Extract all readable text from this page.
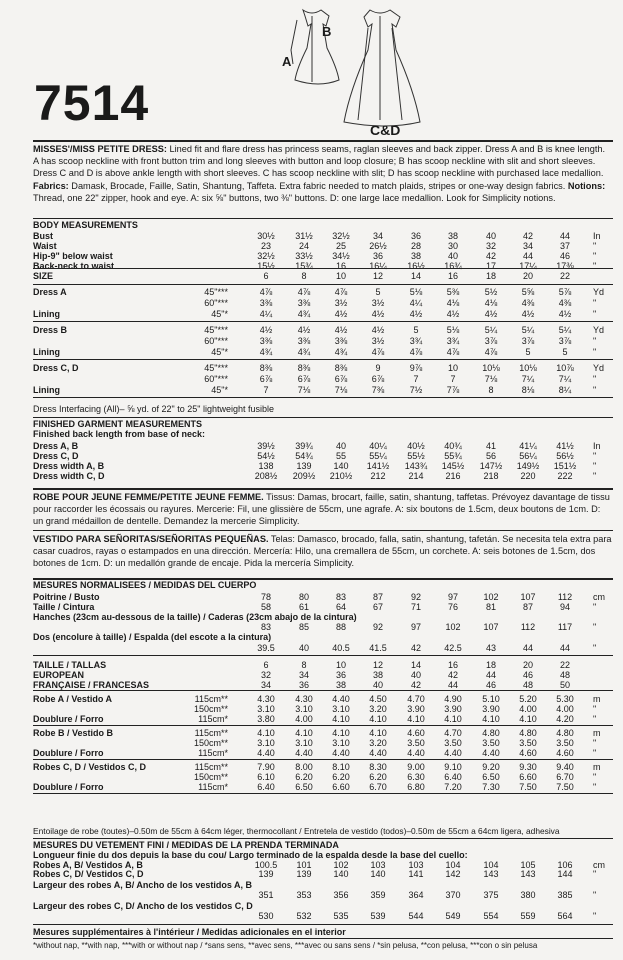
A
B
C&D
7514
MISSES'/MISS PETITE DRESS: Lined fit and flare dress has princess seams, raglan sleeves and back zipper. Dress A and B is knee length. A has scoop neckline with front button trim and long sleeves with button and loop closure; B has scoop neckline with slit and short sleeves. Dress C and D is above ankle length with short sleeves. C has scoop neckline with slit; D has scoop neckline with purchased lace medallion. Fabrics: Damask, Brocade, Faille, Satin, Shantung, Taffeta. Extra fabric needed to match plaids, stripes or one-way design fabrics. Notions: Thread, one 22" zipper, hook and eye. A: six ⅝" buttons, two ⅜" buttons. D: one large lace medallion. Look for Simplicity notions.
BODY MEASUREMENTS
Bust	30½	31½	32½	34	36	38	40	42	44	In
Waist	23	24	25	26½	28	30	32	34	37	"
Hip-9" below waist	32½	33½	34½	36	38	40	42	44	46	"
Back-neck to waist	15½	15¾	16	16¼	16½	16¾	17	17¼	17⅜	"
SIZE	6	8	10	12	14	16	18	20	22
Dress A	45"***	4⅞	4⅞	4⅞	5	5⅛	5⅜	5½	5⅝	5⅞	Yd
60"***	3⅜	3⅜	3½	3½	4¼	4⅛	4⅛	4⅜	4⅜	"
Lining	45"*	4¼	4¾	4½	4½	4½	4½	4½	4½	4½	"
Dress B	45"***	4½	4½	4½	4½	5	5⅛	5¼	5¼	5¼	Yd
60"***	3⅜	3⅜	3⅜	3½	3¾	3¾	3⅞	3⅞	3⅞	"
Lining	45"*	4¾	4¾	4¾	4⅞	4⅞	4⅞	4⅞	5	5	"
Dress C, D	45"***	8⅜	8⅜	8⅜	9	9⅞	10	10⅛	10⅛	10⅞	Yd
60"***	6⅞	6⅞	6⅞	6⅞	7	7	7⅛	7¼	7¼	"
Lining	45"*	7	7⅛	7⅛	7⅜	7½	7⅞	8	8⅛	8¼	"
Dress Interfacing (All)– ⅝ yd. of 22" to 25" lightweight fusible
FINISHED GARMENT MEASUREMENTS
Finished back length from base of neck:
Dress A, B	39½	39¾	40	40¼	40½	40¾	41	41¼	41½	In
Dress C, D	54½	54¾	55	55¼	55½	55¾	56	56¼	56½	"
Dress width A, B	138	139	140	141½	143¾	145½	147½	149½	151½	"
Dress width C, D	208½	209½	210½	212	214	216	218	220	222	"
ROBE POUR JEUNE FEMME/PETITE JEUNE FEMME. Tissus: Damas, brocart, faille, satin, shantung, taffetas. Prévoyez davantage de tissu pour raccorder les écossais ou rayures. Mercerie: Fil, une glissière de 55cm, une agrafe. A: six boutons de 1.5cm, deux boutons de 1cm. D: un grand médaillon de dentelle. Demandez la mercerie Simplicity.
VESTIDO PARA SEÑORITAS/SEÑORITAS PEQUEÑAS. Telas: Damasco, brocado, falla, satin, shantung, tafetán. Se necesita tela extra para casar cuadros, rayas o estampados en una dirección. Mercería: Hilo, una cremallera de 55cm, un corchete. A: seis botones de 1.5cm, dos botones de 1cm. D: un medallón grande de encaje. Pida la mercería Simplicity.
MESURES NORMALISEES / MEDIDAS DEL CUERPO
Poitrine / Busto	78	80	83	87	92	97	102	107	112	cm
Taille / Cintura	58	61	64	67	71	76	81	87	94	"
Hanches (23cm au-dessous de la taille) / Caderas (23cm abajo de la cintura)
83	85	88	92	97	102	107	112	117	"
Dos (encolure à taille) / Espalda (del escote a la cintura)
39.5	40	40.5	41.5	42	42.5	43	44	44	"
TAILLE / TALLAS	6	8	10	12	14	16	18	20	22
EUROPEAN	32	34	36	38	40	42	44	46	48
FRANÇAISE / FRANCESAS	34	36	38	40	42	44	46	48	50
Robe A / Vestido A	115cm**	4.30	4.30	4.40	4.50	4.70	4.90	5.10	5.20	5.30	m
150cm**	3.10	3.10	3.10	3.20	3.90	3.90	3.90	4.00	4.00	"
Doublure / Forro	115cm*	3.80	4.00	4.10	4.10	4.10	4.10	4.10	4.10	4.20	"
Robe B / Vestido B	115cm**	4.10	4.10	4.10	4.10	4.60	4.70	4.80	4.80	4.80	m
150cm**	3.10	3.10	3.10	3.20	3.50	3.50	3.50	3.50	3.50	"
Doublure / Forro	115cm*	4.40	4.40	4.40	4.40	4.40	4.40	4.40	4.60	4.60	"
Robes C, D / Vestidos C, D	115cm**	7.90	8.00	8.10	8.30	9.00	9.10	9.20	9.30	9.40	m
150cm**	6.10	6.20	6.20	6.20	6.30	6.40	6.50	6.60	6.70	"
Doublure / Forro	115cm*	6.40	6.50	6.60	6.70	6.80	7.20	7.30	7.50	7.50	"
Entoilage de robe (toutes)–0.50m de 55cm à 64cm léger, thermocollant / Entretela de vestido (todos)–0.50m de 55cm a 64cm ligera, adhesiva
MESURES DU VETEMENT FINI / MEDIDAS DE LA PRENDA TERMINADA
Longueur finie du dos depuis la base du cou/ Largo terminado de la espalda desde la base del cuello:
Robes A, B/ Vestidos A, B	100.5	101	102	103	103	104	104	105	106	cm
Robes C, D/ Vestidos C, D	139	139	140	140	141	142	143	143	144	"
Largeur des robes A, B/ Ancho de los vestidos A, B
351	353	356	359	364	370	375	380	385	"
Largeur des robes C, D/ Ancho de los vestidos C, D
530	532	535	539	544	549	554	559	564	"
Mesures supplémentaires à l'intérieur / Medidas adicionales en el interior
*without nap, **with nap, ***with or without nap / *sans sens, **avec sens, ***avec ou sans sens / *sin pelusa, **con pelusa, ***con o sin pelusa
